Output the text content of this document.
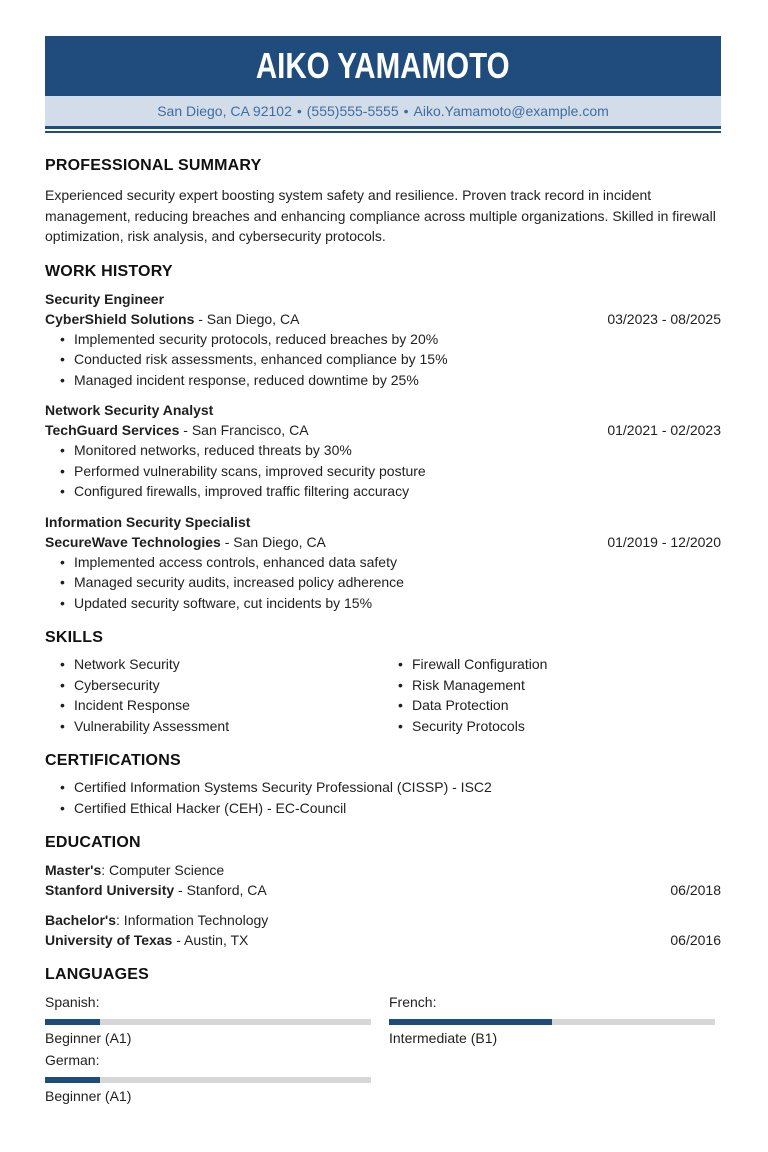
AIKO YAMAMOTO
San Diego, CA 92102 • (555)555-5555 • Aiko.Yamamoto@example.com
PROFESSIONAL SUMMARY

Experienced security expert boosting system safety and resilience. Proven track record in incident management, reducing breaches and enhancing compliance across multiple organizations. Skilled in firewall optimization, risk analysis, and cybersecurity protocols.

WORK HISTORY
Security Engineer
CyberShield Solutions - San Diego, CA	03/2023 - 08/2025
• Implemented security protocols, reduced breaches by 20%
• Conducted risk assessments, enhanced compliance by 15%
• Managed incident response, reduced downtime by 25%
Network Security Analyst
TechGuard Services - San Francisco, CA	01/2021 - 02/2023
• Monitored networks, reduced threats by 30%
• Performed vulnerability scans, improved security posture
• Configured firewalls, improved traffic filtering accuracy
Information Security Specialist
SecureWave Technologies - San Diego, CA	01/2019 - 12/2020
• Implemented access controls, enhanced data safety
• Managed security audits, increased policy adherence
• Updated security software, cut incidents by 15%
SKILLS
• Network Security
• Cybersecurity
• Incident Response
• Vulnerability Assessment
• Firewall Configuration
• Risk Management
• Data Protection
• Security Protocols
CERTIFICATIONS
• Certified Information Systems Security Professional (CISSP) - ISC2
• Certified Ethical Hacker (CEH) - EC-Council
EDUCATION
Master's: Computer Science
Stanford University - Stanford, CA	06/2018
Bachelor's: Information Technology
University of Texas - Austin, TX	06/2016
LANGUAGES
Spanish:
Beginner (A1)
French:
Intermediate (B1)
German:
Beginner (A1)
